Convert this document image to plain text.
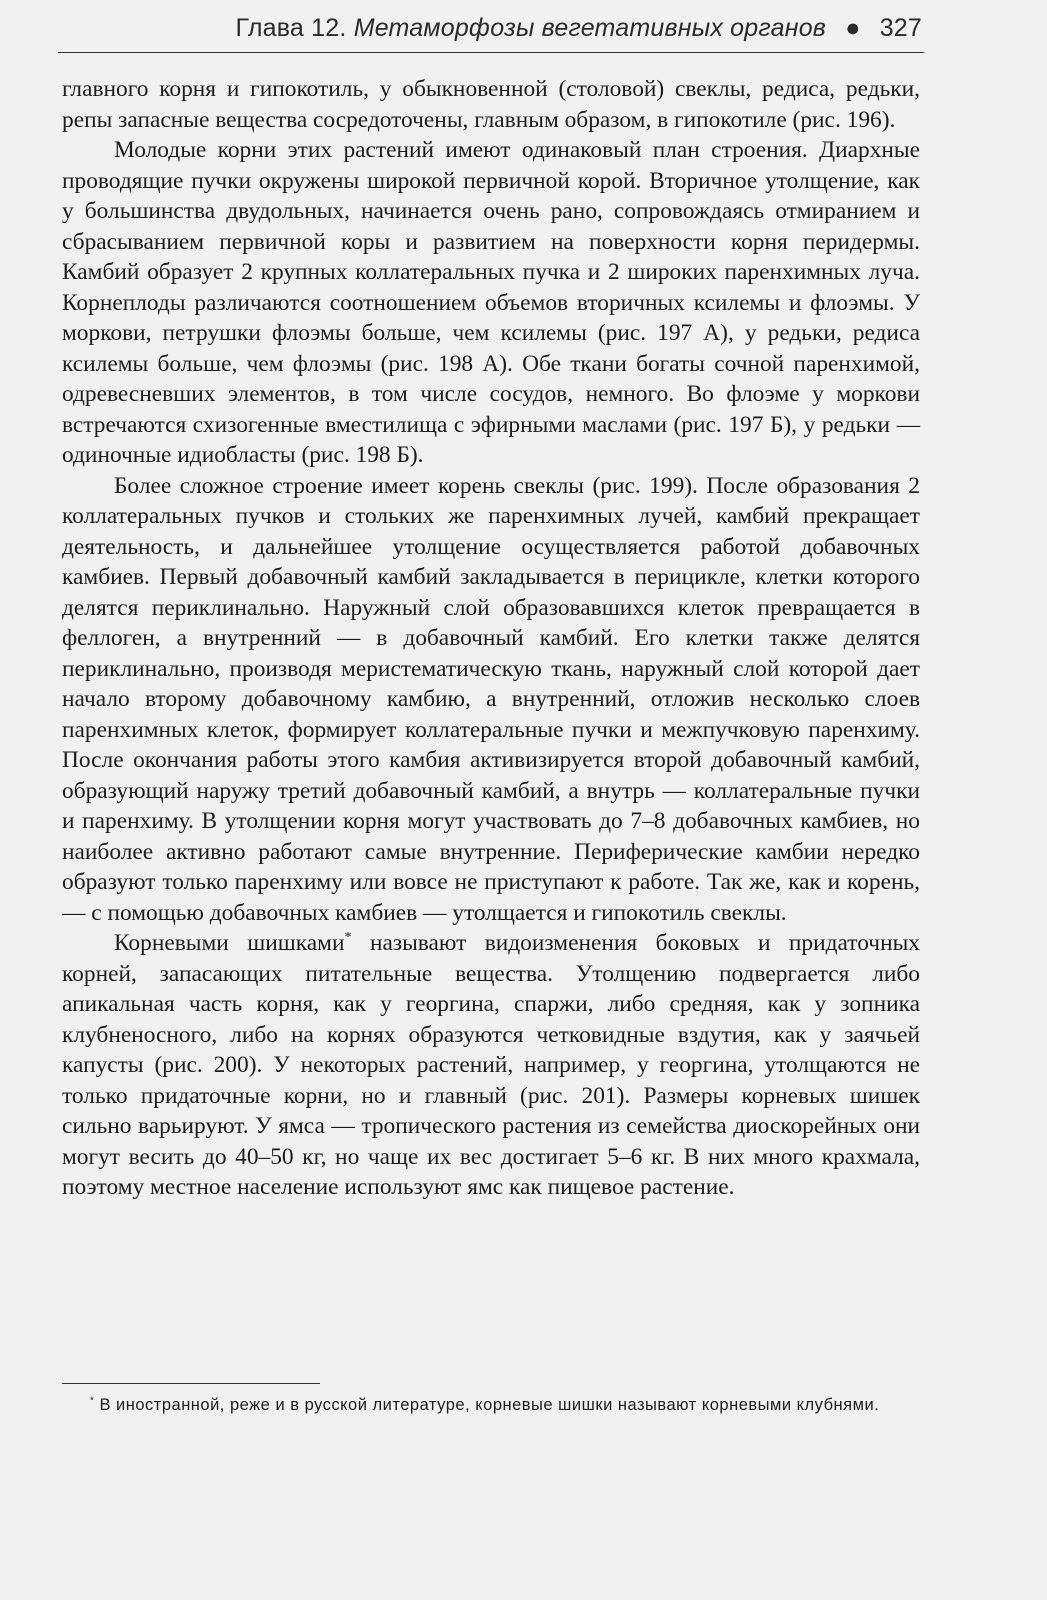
Глава 12. Метаморфозы вегетативных органов ● 327

главного корня и гипокотиль, у обыкновенной (столовой) свеклы, редиса, редьки, репы запасные вещества сосредоточены, главным образом, в гипокотиле (рис. 196).

Молодые корни этих растений имеют одинаковый план строения. Диархные проводящие пучки окружены широкой первичной корой. Вторичное утолщение, как у большинства двудольных, начинается очень рано, сопровождаясь отмиранием и сбрасыванием первичной коры и развитием на поверхности корня перидермы. Камбий образует 2 крупных коллатеральных пучка и 2 широких паренхимных луча. Корнеплоды различаются соотношением объемов вторичных ксилемы и флоэмы. У моркови, петрушки флоэмы больше, чем ксилемы (рис. 197 А), у редьки, редиса ксилемы больше, чем флоэмы (рис. 198 А). Обе ткани богаты сочной паренхимой, одревесневших элементов, в том числе сосудов, немного. Во флоэме у моркови встречаются схизогенные вместилища с эфирными маслами (рис. 197 Б), у редьки — одиночные идиобласты (рис. 198 Б).

Более сложное строение имеет корень свеклы (рис. 199). После образования 2 коллатеральных пучков и стольких же паренхимных лучей, камбий прекращает деятельность, и дальнейшее утолщение осуществляется работой добавочных камбиев. Первый добавочный камбий закладывается в перицикле, клетки которого делятся периклинально. Наружный слой образовавшихся клеток превращается в феллоген, а внутренний — в добавочный камбий. Его клетки также делятся периклинально, производя меристематическую ткань, наружный слой которой дает начало второму добавочному камбию, а внутренний, отложив несколько слоев паренхимных клеток, формирует коллатеральные пучки и межпучковую паренхиму. После окончания работы этого камбия активизируется второй добавочный камбий, образующий наружу третий добавочный камбий, а внутрь — коллатеральные пучки и паренхиму. В утолщении корня могут участвовать до 7–8 добавочных камбиев, но наиболее активно работают самые внутренние. Периферические камбии нередко образуют только паренхиму или вовсе не приступают к работе. Так же, как и корень, — с помощью добавочных камбиев — утолщается и гипокотиль свеклы.

Корневыми шишками* называют видоизменения боковых и придаточных корней, запасающих питательные вещества. Утолщению подвергается либо апикальная часть корня, как у георгина, спаржи, либо средняя, как у зопника клубненосного, либо на корнях образуются четковидные вздутия, как у заячьей капусты (рис. 200). У некоторых растений, например, у георгина, утолщаются не только придаточные корни, но и главный (рис. 201). Размеры корневых шишек сильно варьируют. У ямса — тропического растения из семейства диоскорейных они могут весить до 40–50 кг, но чаще их вес достигает 5–6 кг. В них много крахмала, поэтому местное население используют ямс как пищевое растение.

* В иностранной, реже и в русской литературе, корневые шишки называют корневыми клубнями.
